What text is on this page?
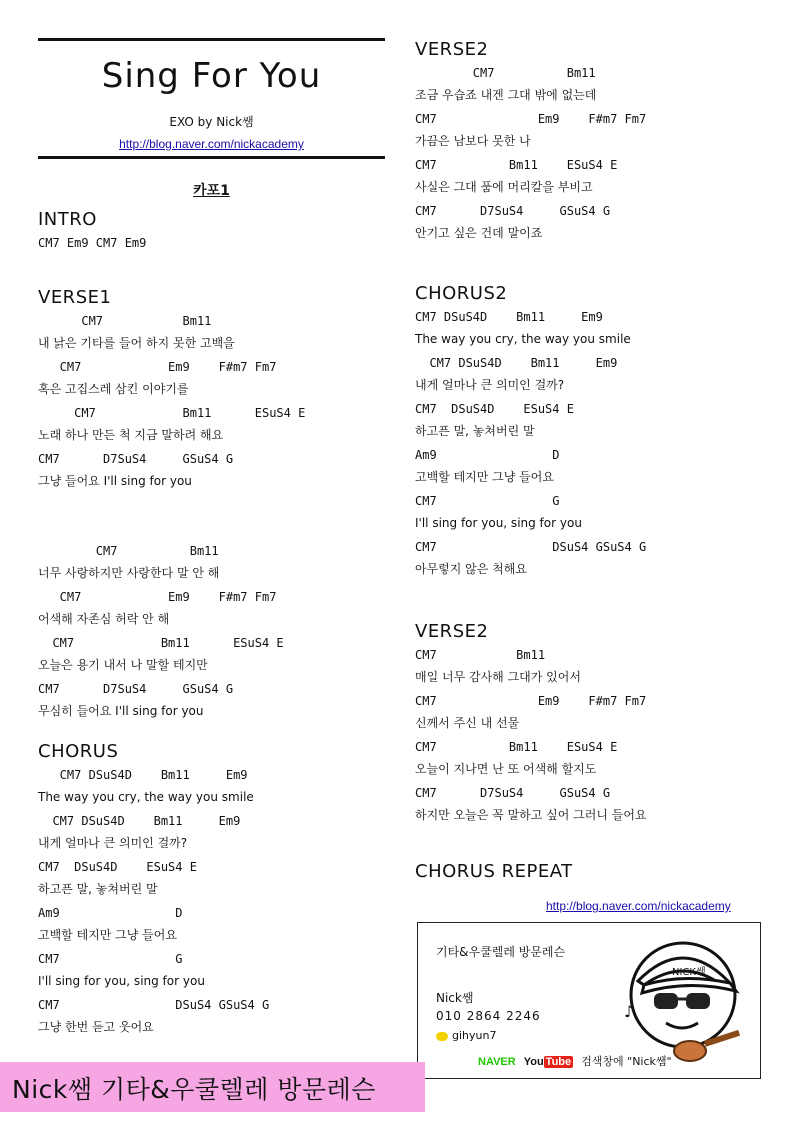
Sing For You
EXO by Nick쌤
http://blog.naver.com/nickacademy
카포1
INTRO
CM7 Em9 CM7 Em9
VERSE1
CM7           Bm11
내 낡은 기타를 들어 하지 못한 고백을
CM7            Em9    F#m7 Fm7
혹은 고집스레 삼킨 이야기를
CM7            Bm11      ESuS4 E
노래 하나 만든 척 지금 말하려 해요
CM7      D7SuS4     GSuS4 G
그냥 들어요 I'll sing for you

CM7          Bm11
너무 사랑하지만 사랑한다 말 안 해
CM7            Em9    F#m7 Fm7
어색해 자존심 허락 안 해
CM7            Bm11      ESuS4 E
오늘은 용기 내서 나 말할 테지만
CM7      D7SuS4     GSuS4 G
무심히 들어요 I'll sing for you
CHORUS
CM7 DSuS4D    Bm11     Em9
The way you cry, the way you smile
CM7 DSuS4D    Bm11     Em9
내게 얼마나 큰 의미인 걸까?
CM7  DSuS4D    ESuS4 E
하고픈 말, 놓쳐버린 말
Am9                D
고백할 테지만 그냥 들어요
CM7                G
I'll sing for you, sing for you
CM7                DSuS4 GSuS4 G
그냥 한번 듣고 웃어요
VERSE2
CM7          Bm11
조금 우습죠 내겐 그대 밖에 없는데
CM7              Em9    F#m7 Fm7
가끔은 남보다 못한 나
CM7          Bm11    ESuS4 E
사실은 그대 품에 머리칼을 부비고
CM7      D7SuS4     GSuS4 G
안기고 싶은 건데 말이죠
CHORUS2
CM7 DSuS4D    Bm11     Em9
The way you cry, the way you smile
CM7 DSuS4D    Bm11     Em9
내게 얼마나 큰 의미인 걸까?
CM7  DSuS4D    ESuS4 E
하고픈 말, 놓쳐버린 말
Am9                D
고백할 테지만 그냥 들어요
CM7                G
I'll sing for you, sing for you
CM7                DSuS4 GSuS4 G
아무렇지 않은 척해요
VERSE2
CM7           Bm11
매일 너무 감사해 그대가 있어서
CM7              Em9    F#m7 Fm7
신께서 주신 내 선물
CM7          Bm11    ESuS4 E
오늘이 지나면 난 또 어색해 할지도
CM7      D7SuS4     GSuS4 G
하지만 오늘은 꼭 말하고 싶어 그러니 들어요
CHORUS REPEAT
http://blog.naver.com/nickacademy
기타&우쿨렐레 방문레슨
Nick쌤
010 2864 2246
gihyun7
NAVER You Tube 검색창에 "Nick쌤"
NICK쌤
♪
Nick쌤 기타&우쿨렐레 방문레슨
